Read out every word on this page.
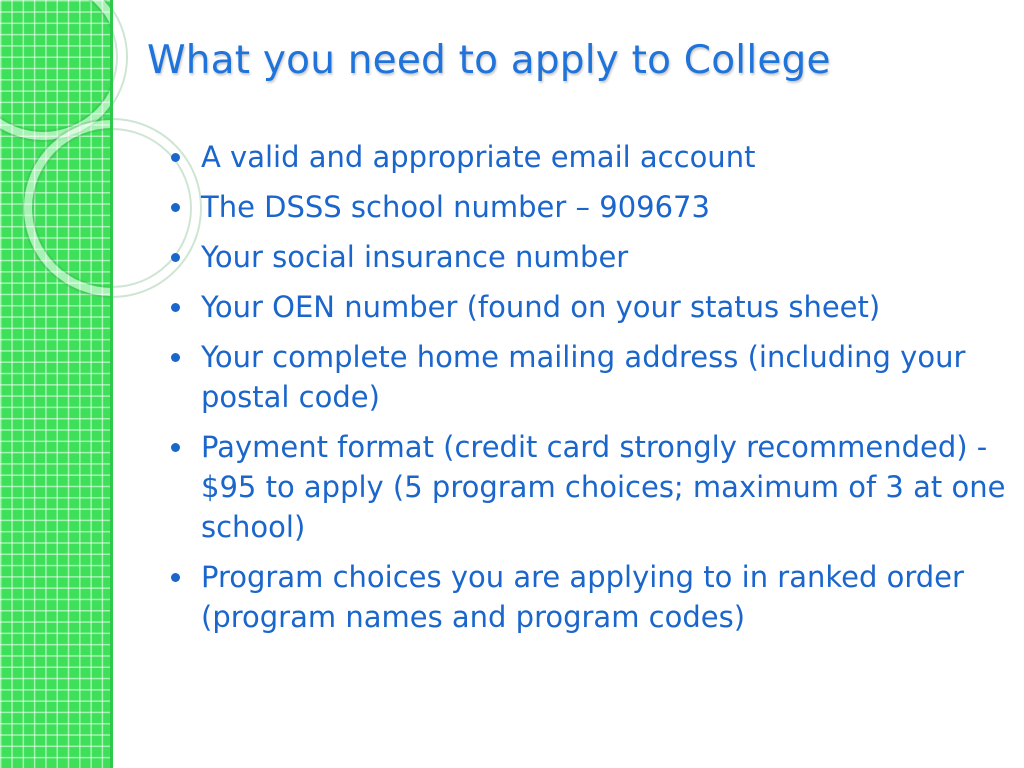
What you need to apply to College
A valid and appropriate email account
The DSSS school number – 909673
Your social insurance number
Your OEN number (found on your status sheet)
Your complete home mailing address (including your postal code)
Payment format (credit card strongly recommended) - $95 to apply (5 program choices; maximum of 3 at one school)
Program choices you are applying to in ranked order (program names and program codes)
